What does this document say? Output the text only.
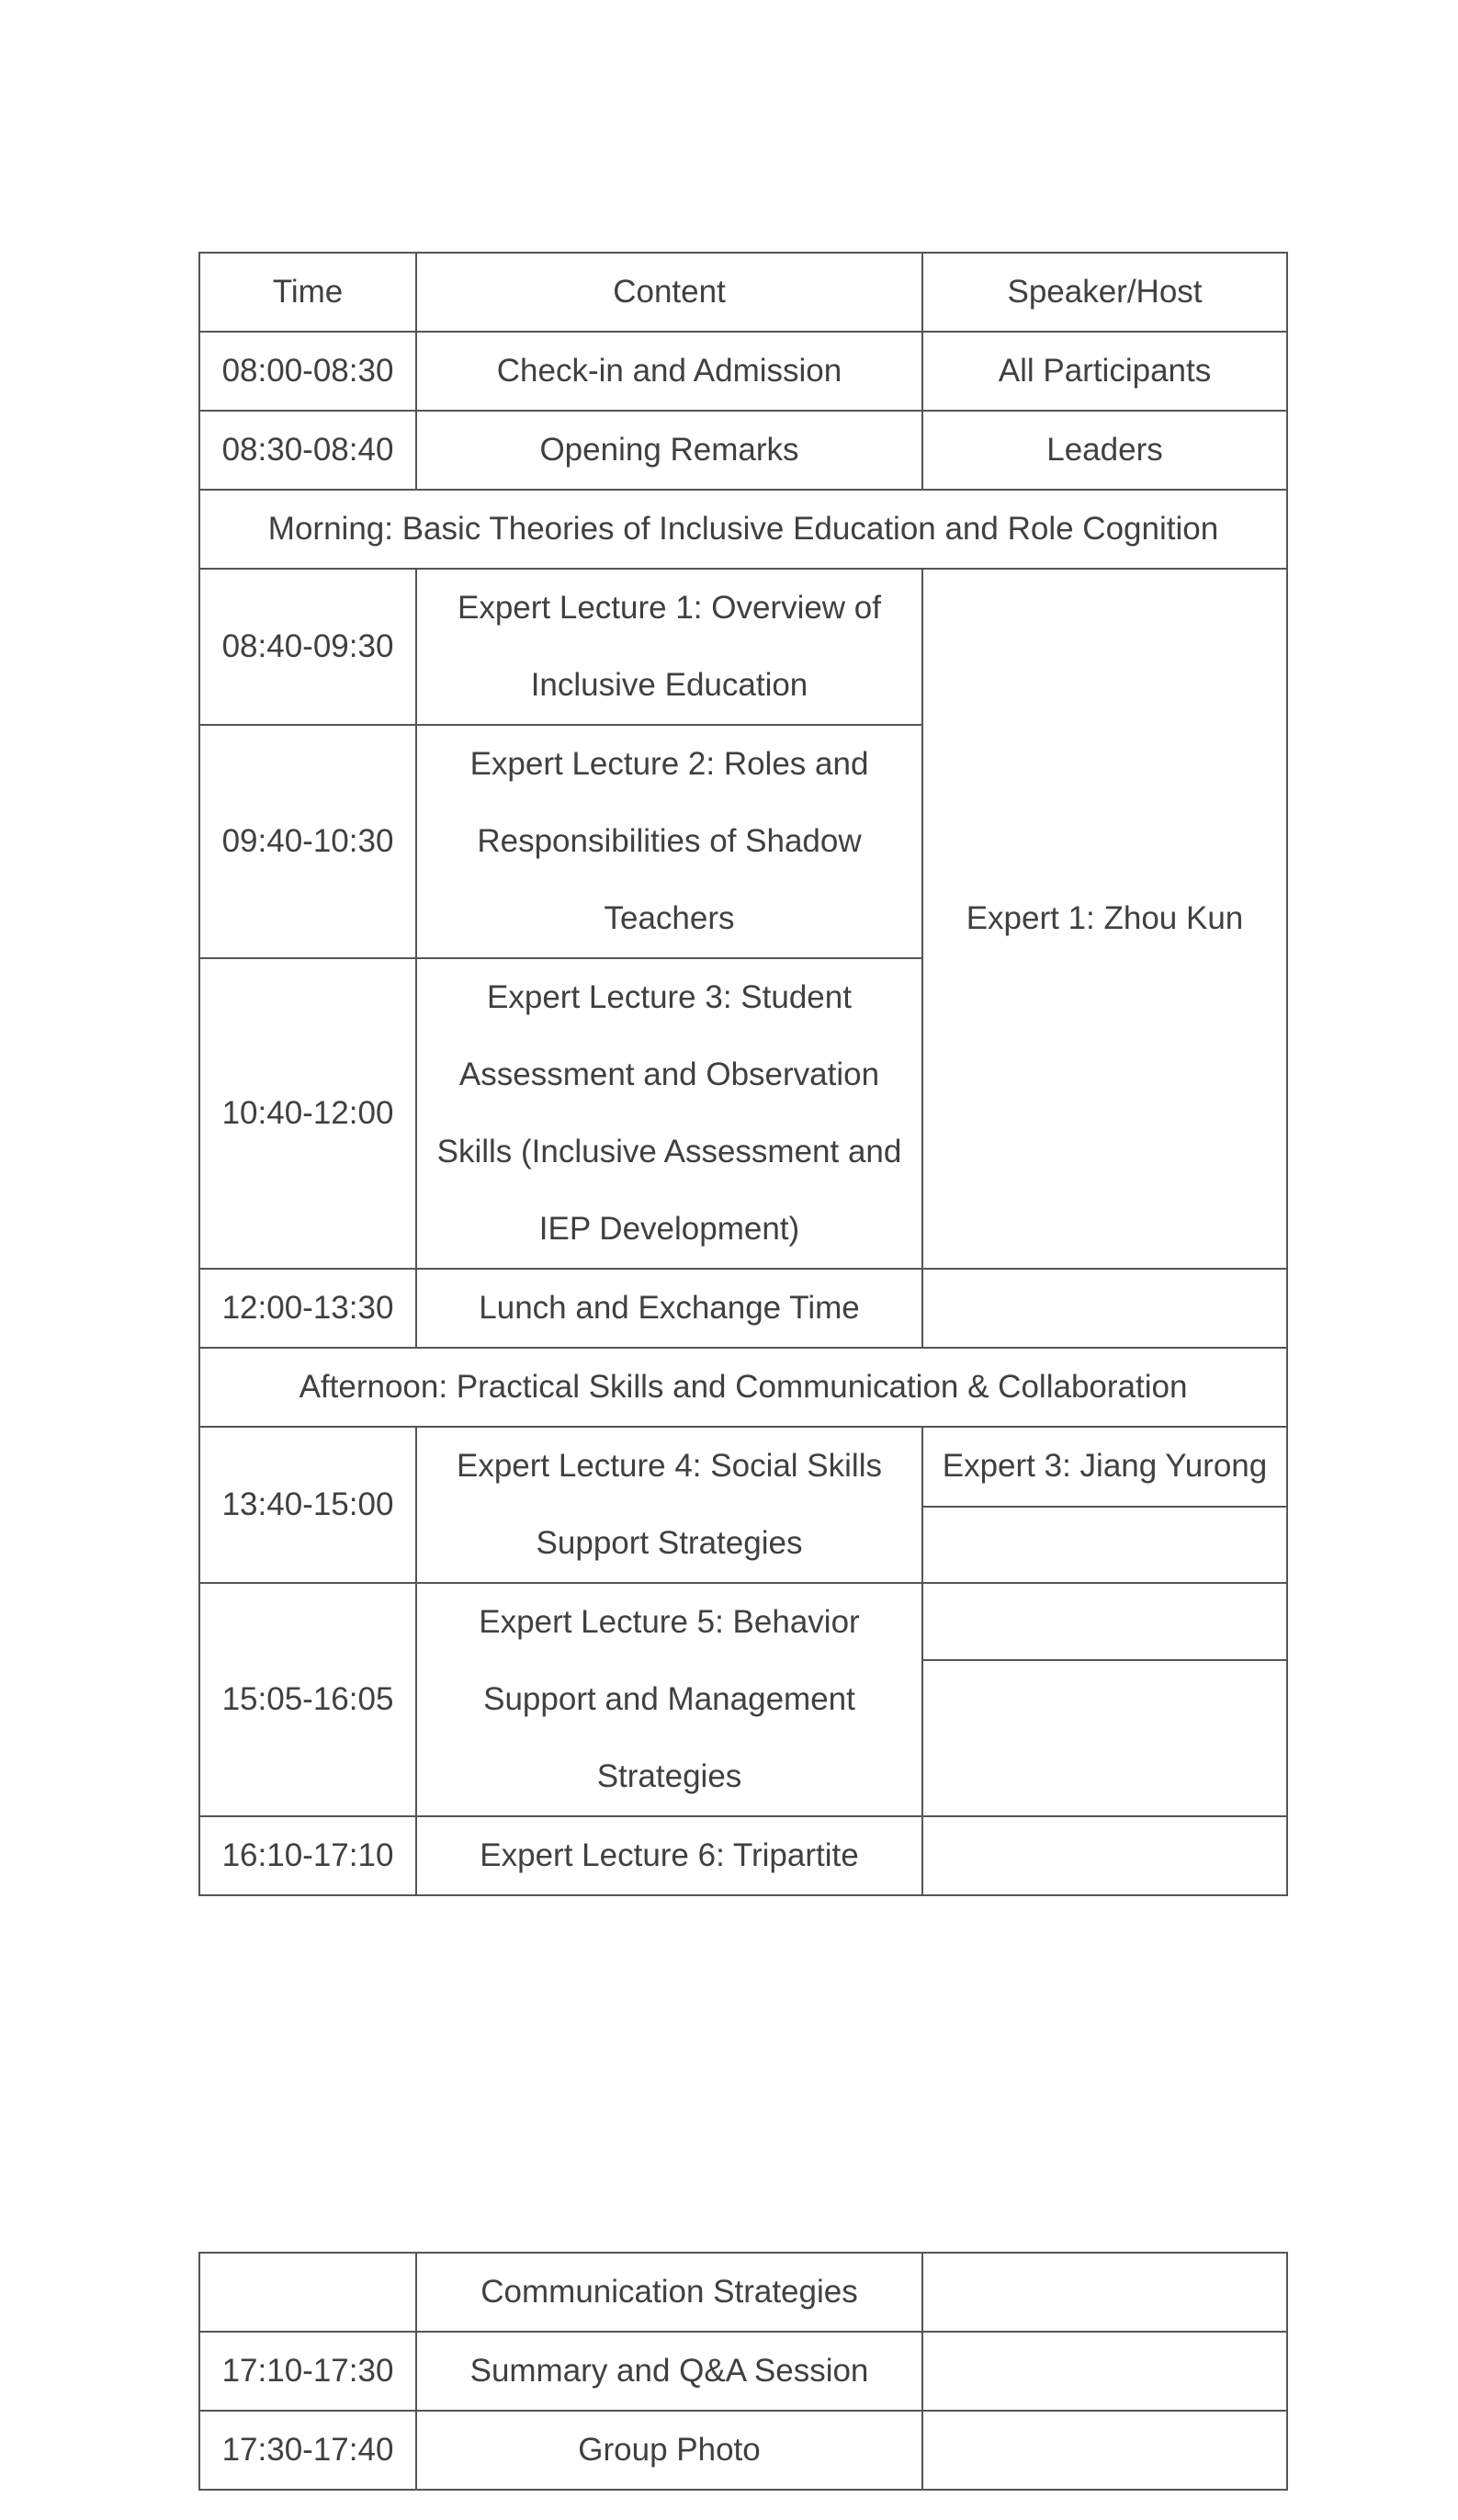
Time	Content	Speaker/Host
08:00-08:30	Check-in and Admission	All Participants
08:30-08:40	Opening Remarks	Leaders
Morning: Basic Theories of Inclusive Education and Role Cognition		
08:40-09:30	Expert Lecture 1: Overview of Inclusive Education	Expert 1: Zhou Kun
09:40-10:30	Expert Lecture 2: Roles and Responsibilities of Shadow Teachers	
10:40-12:00	Expert Lecture 3: Student Assessment and Observation Skills (Inclusive Assessment and IEP Development)	
12:00-13:30	Lunch and Exchange Time	
Afternoon: Practical Skills and Communication & Collaboration		
13:40-15:00	Expert Lecture 4: Social Skills Support Strategies	Expert 3: Jiang Yurong

15:05-16:05	Expert Lecture 5: Behavior Support and Management Strategies	

16:10-17:10	Expert Lecture 6: Tripartite	
	Communication Strategies	
17:10-17:30	Summary and Q&A Session	
17:30-17:40	Group Photo	
